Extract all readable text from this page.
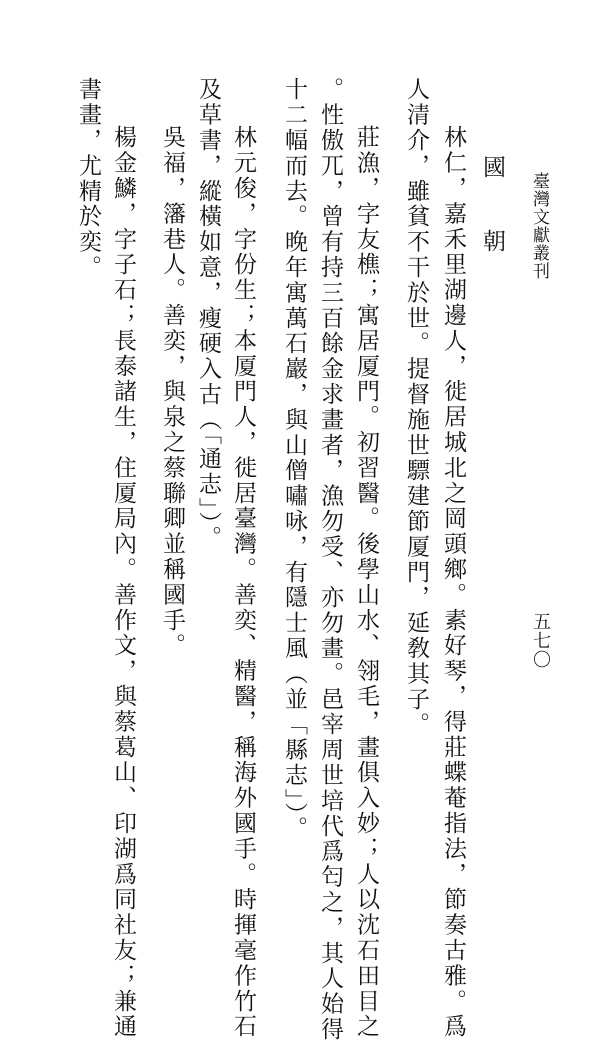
臺灣文獻叢刊
五七〇
國　朝
林仁，嘉禾里湖邊人，徙居城北之岡頭鄉。素好琴，得莊蝶菴指法，節奏古雅。爲
人清介，雖貧不干於世。提督施世驃建節厦門，延敎其子。
莊漁，字友樵；寓居厦門。初習醫。後學山水、翎毛，畫俱入妙；人以沈石田目之
。性傲兀，曾有持三百餘金求畫者，漁勿受、亦勿畫。邑宰周世培代爲匄之，其人始得
十二幅而去。晚年寓萬石巖，與山僧嘯咏，有隱士風（並「縣志」）。
林元俊，字份生；本厦門人，徙居臺灣。善奕、精醫，稱海外國手。時揮毫作竹石
及草書，縱橫如意，瘦硬入古（「通志」）。
吳福，籓巷人。善奕，與泉之蔡聯卿並稱國手。
楊金鱗，字子石；長泰諸生，住厦局內。善作文，與蔡葛山、印湖爲同社友；兼通
書畫，尤精於奕。
